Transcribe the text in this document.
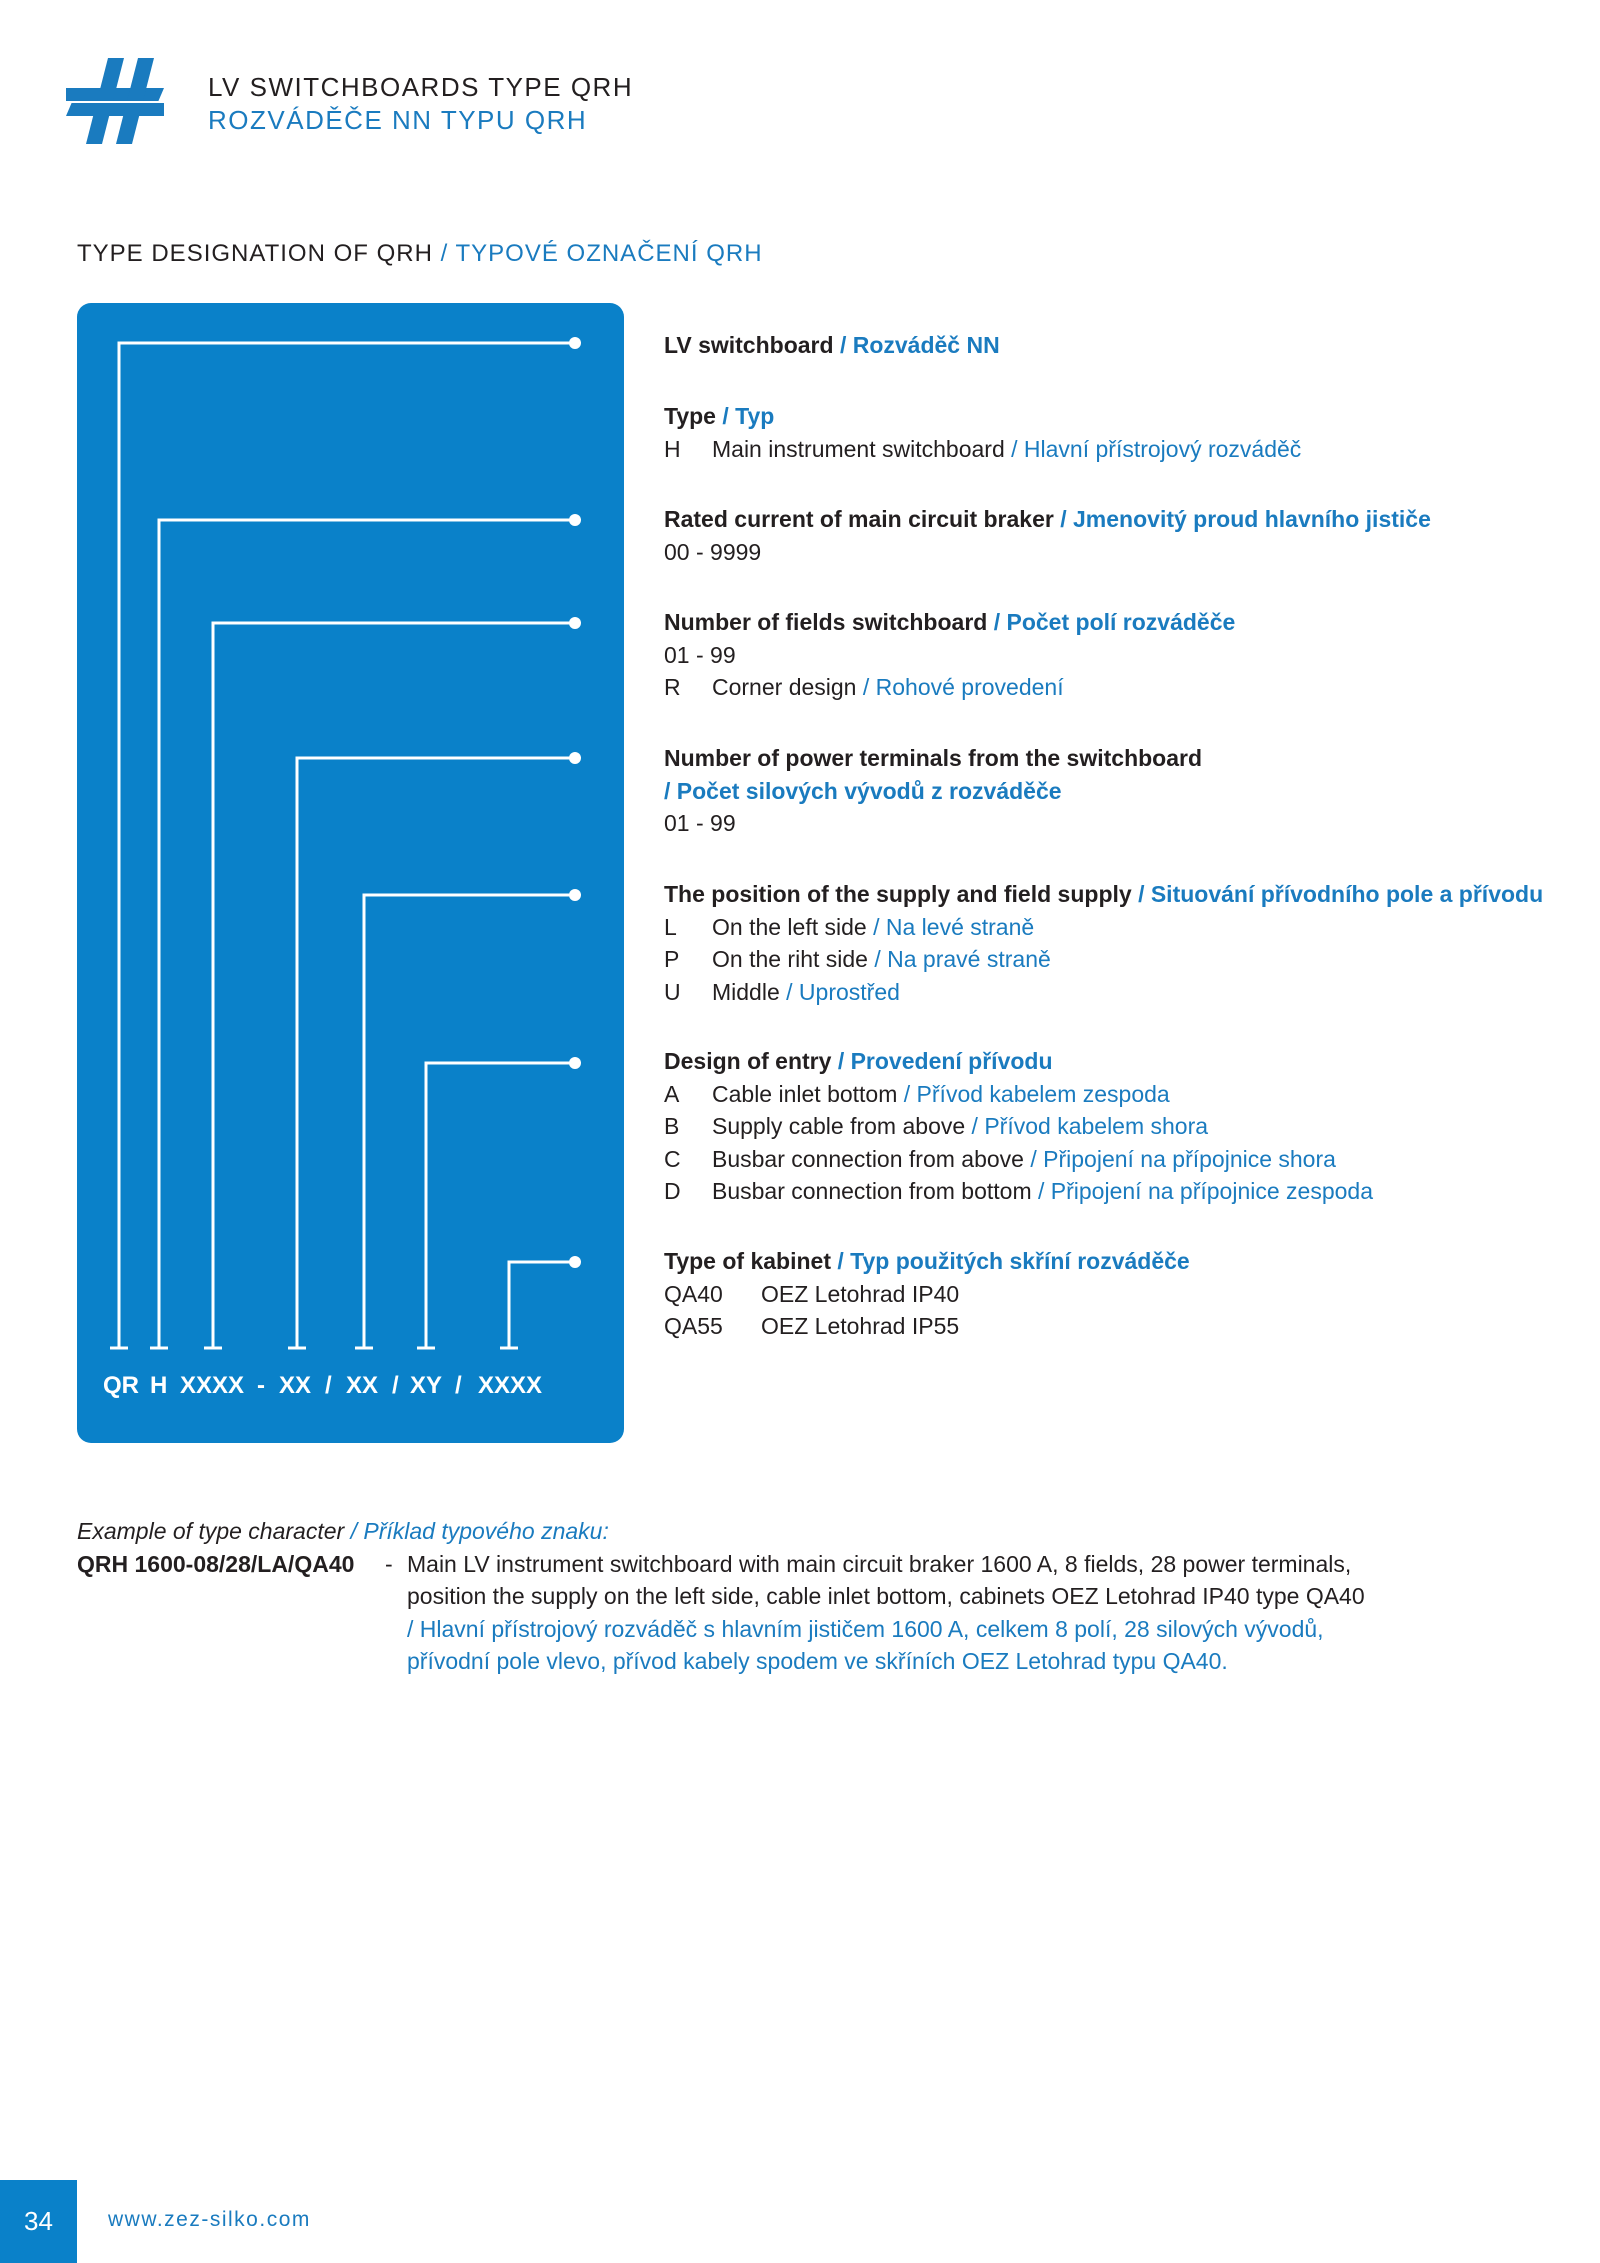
LV SWITCHBOARDS TYPE QRH
ROZVÁDĚČE NN TYPU QRH
TYPE DESIGNATION OF QRH / TYPOVÉ OZNAČENÍ QRH
QR H XXXX - XX / XX / XY / XXXX
LV switchboard / Rozváděč NN
Type / Typ
H	Main instrument switchboard
/ Hlavní přístrojový rozváděč
Rated current of main circuit braker / Jmenovitý proud hlavního jističe
00 - 9999
Number of fields switchboard / Počet polí rozváděče
01 - 99
R	Corner design
/ Rohové provedení
Number of power terminals from the switchboard
/ Počet silových vývodů z rozváděče
01 - 99
The position of the supply and field supply / Situování přívodního pole a přívodu
L	On the left side
/ Na levé straně
P	On the riht side
/ Na pravé straně
U	Middle
/ Uprostřed
Design of entry / Provedení přívodu
A	Cable inlet bottom
/ Přívod kabelem zespoda
B	Supply cable from above
/ Přívod kabelem shora
C	Busbar connection from above
/ Připojení na přípojnice shora
D	Busbar connection from bottom
/ Připojení na přípojnice zespoda
Type of kabinet / Typ použitých skříní rozváděče
QA40	OEZ Letohrad IP40
QA55	OEZ Letohrad IP55
Example of type character / Příklad typového znaku:
QRH 1600-08/28/LA/QA40 - Main LV instrument switchboard with main circuit braker 1600 A, 8 fields, 28 power terminals,
position the supply on the left side, cable inlet bottom, cabinets OEZ Letohrad IP40 type QA40
/ Hlavní přístrojový rozváděč s hlavním jističem 1600 A, celkem 8 polí, 28 silových vývodů,
přívodní pole vlevo, přívod kabely spodem ve skříních OEZ Letohrad typu QA40.
34	www.zez-silko.com
